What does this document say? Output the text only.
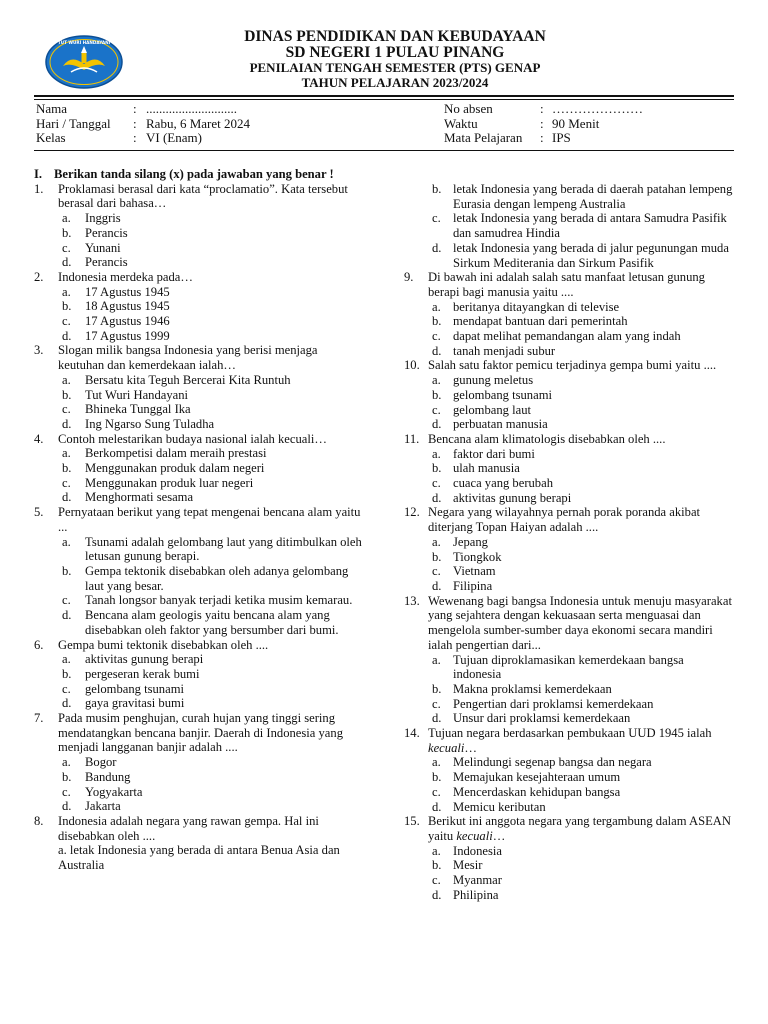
TUT WURI HANDAYANI	DINAS PENDIDIKAN DAN KEBUDAYAAN
SD NEGERI 1 PULAU PINANG
PENILAIAN TENGAH SEMESTER (PTS) GENAP
TAHUN PELAJARAN 2023/2024
Nama	: ............................
Hari / Tanggal : Rabu, 6 Maret 2024
Kelas	: VI (Enam)
No absen	: …………………
Waktu	: 90 Menit
Mata Pelajaran : IPS
I. Berikan tanda silang (x) pada jawaban yang benar !
1. Proklamasi berasal dari kata “proclamatio”. Kata tersebut berasal dari bahasa…
a. Inggris
b. Perancis
c. Yunani
d. Perancis
2. Indonesia merdeka pada…
a. 17 Agustus 1945
b. 18 Agustus 1945
c. 17 Agustus 1946
d. 17 Agustus 1999
3. Slogan milik bangsa Indonesia yang berisi menjaga keutuhan dan kemerdekaan ialah…
a. Bersatu kita Teguh Bercerai Kita Runtuh
b. Tut Wuri Handayani
c. Bhineka Tunggal Ika
d. Ing Ngarso Sung Tuladha
4. Contoh melestarikan budaya nasional ialah kecuali…
a. Berkompetisi dalam meraih prestasi
b. Menggunakan produk dalam negeri
c. Menggunakan produk luar negeri
d. Menghormati sesama
5. Pernyataan berikut yang tepat mengenai bencana alam yaitu ...
a. Tsunami adalah gelombang laut yang ditimbulkan oleh letusan gunung berapi.
b. Gempa tektonik disebabkan oleh adanya gelombang laut yang besar.
c. Tanah longsor banyak terjadi ketika musim kemarau.
d. Bencana alam geologis yaitu bencana alam yang disebabkan oleh faktor yang bersumber dari bumi.
6. Gempa bumi tektonik disebabkan oleh ....
a. aktivitas gunung berapi
b. pergeseran kerak bumi
c. gelombang tsunami
d. gaya gravitasi bumi
7. Pada musim penghujan, curah hujan yang tinggi sering mendatangkan bencana banjir. Daerah di Indonesia yang menjadi langganan banjir adalah ....
a. Bogor
b. Bandung
c. Yogyakarta
d. Jakarta
8. Indonesia adalah negara yang rawan gempa. Hal ini disebabkan oleh ....
a. letak Indonesia yang berada di antara Benua Asia dan Australia
b. letak Indonesia yang berada di daerah patahan lempeng Eurasia dengan lempeng Australia
c. letak Indonesia yang berada di antara Samudra Pasifik dan samudrea Hindia
d. letak Indonesia yang berada di jalur pegunungan muda Sirkum Mediterania dan Sirkum Pasifik
9. Di bawah ini adalah salah satu manfaat letusan gunung berapi bagi manusia yaitu ....
a. beritanya ditayangkan di televise
b. mendapat bantuan dari pemerintah
c. dapat melihat pemandangan alam yang indah
d. tanah menjadi subur
10. Salah satu faktor pemicu terjadinya gempa bumi yaitu ....
a. gunung meletus
b. gelombang tsunami
c. gelombang laut
d. perbuatan manusia
11. Bencana alam klimatologis disebabkan oleh ....
a. faktor dari bumi
b. ulah manusia
c. cuaca yang berubah
d. aktivitas gunung berapi
12. Negara yang wilayahnya pernah porak poranda akibat diterjang Topan Haiyan adalah ....
a. Jepang
b. Tiongkok
c. Vietnam
d. Filipina
13. Wewenang bagi bangsa Indonesia untuk menuju masyarakat yang sejahtera dengan kekuasaan serta menguasai dan mengelola sumber-sumber daya ekonomi secara mandiri ialah pengertian dari...
a. Tujuan diproklamasikan kemerdekaan bangsa indonesia
b. Makna proklamsi kemerdekaan
c. Pengertian dari proklamsi kemerdekaan
d. Unsur dari proklamsi kemerdekaan
14. Tujuan negara berdasarkan pembukaan UUD 1945 ialah kecuali…
a. Melindungi segenap bangsa dan negara
b. Memajukan kesejahteraan umum
c. Mencerdaskan kehidupan bangsa
d. Memicu keributan
15. Berikut ini anggota negara yang tergambung dalam ASEAN yaitu kecuali…
a. Indonesia
b. Mesir
c. Myanmar
d. Philipina
